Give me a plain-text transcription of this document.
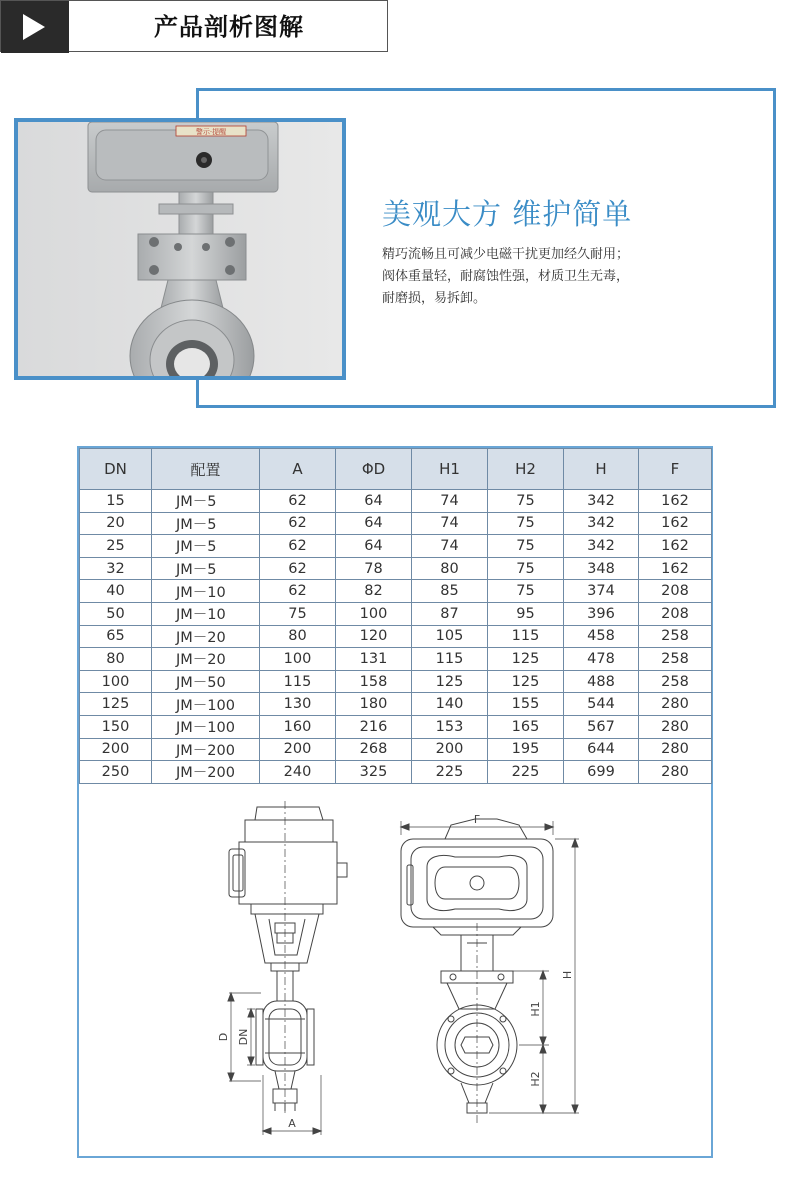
产品剖析图解
警示·提醒
美观大方 维护简单
精巧流畅且可减少电磁干扰更加经久耐用；
阀体重量轻，耐腐蚀性强，材质卫生无毒，
耐磨损，易拆卸。
DN	配置	A	ΦD	H1	H2	H	F
15	JM－5	62	64	74	75	342	162
20	JM－5	62	64	74	75	342	162
25	JM－5	62	64	74	75	342	162
32	JM－5	62	78	80	75	348	162
40	JM－10	62	82	85	75	374	208
50	JM－10	75	100	87	95	396	208
65	JM－20	80	120	105	115	458	258
80	JM－20	100	131	115	125	478	258
100	JM－50	115	158	125	125	488	258
125	JM－100	130	180	140	155	544	280
150	JM－100	160	216	153	165	567	280
200	JM－200	200	268	200	195	644	280
250	JM－200	240	325	225	225	699	280
D DN
A
F
H
H1
H2
